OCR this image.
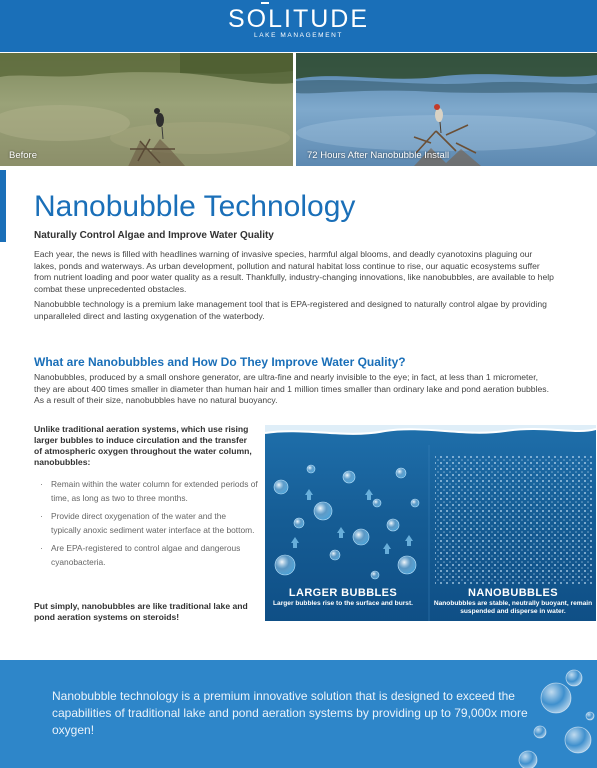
SOLITUDE
LAKE MANAGEMENT
Before	72 Hours After Nanobubble Install
Nanobubble Technology
Naturally Control Algae and Improve Water Quality

Each year, the news is filled with headlines warning of invasive species, harmful algal blooms, and deadly cyanotoxins plaguing our lakes, ponds and waterways. As urban development, pollution and natural habitat loss continue to rise, our aquatic ecosystems suffer from nutrient loading and poor water quality as a result. Thankfully, industry-changing innovations, like nanobubbles, are available to help combat these unprecedented obstacles.

Nanobubble technology is a premium lake management tool that is EPA-registered and designed to naturally control algae by providing unparalleled direct and lasting oxygenation of the waterbody.

What are Nanobubbles and How Do They Improve Water Quality?

Nanobubbles, produced by a small onshore generator, are ultra-fine and nearly invisible to the eye; in fact, at less than 1 micrometer, they are about 400 times smaller in diameter than human hair and 1 million times smaller than ordinary lake and pond aeration bubbles. As a result of their size, nanobubbles have no natural buoyancy.

Unlike traditional aeration systems, which use rising larger bubbles to induce circulation and the transfer of atmospheric oxygen throughout the water column, nanobubbles:
· Remain within the water column for extended periods of time, as long as two to three months.
· Provide direct oxygenation of the water and the typically anoxic sediment water interface at the bottom.
· Are EPA-registered to control algae and dangerous cyanobacteria.
Put simply, nanobubbles are like traditional lake and pond aeration systems on steroids!
LARGER BUBBLES
Larger bubbles rise to the surface and burst.
NANOBUBBLES
Nanobubbles are stable, neutrally buoyant, remain suspended and disperse in water.

Nanobubble technology is a premium innovative solution that is designed to exceed the capabilities of traditional lake and pond aeration systems by providing up to 79,000x more oxygen!
